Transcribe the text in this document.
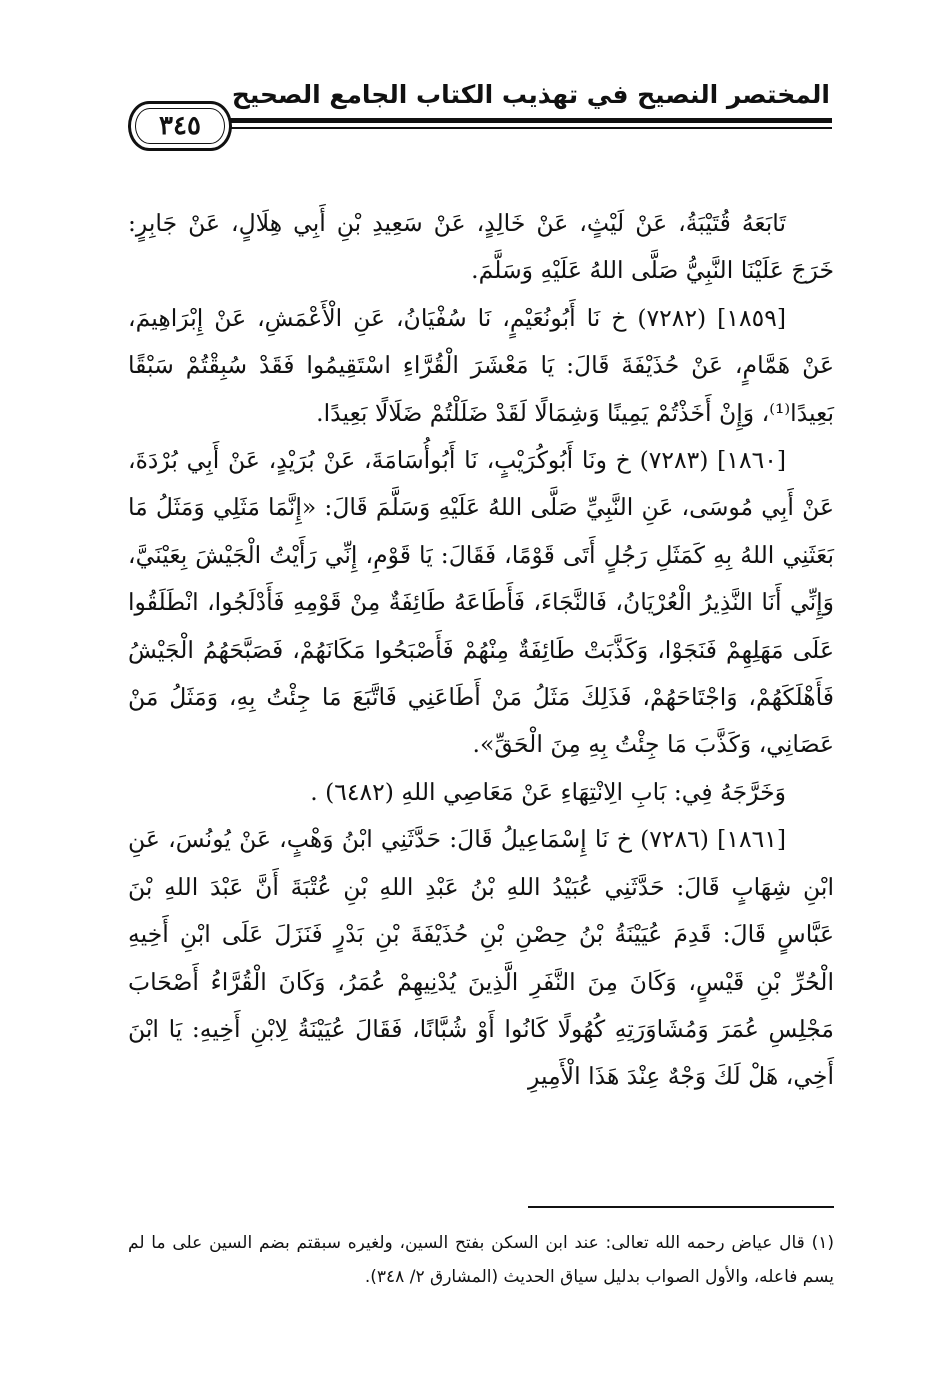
المختصر النصيح في تهذيب الكتاب الجامع الصحيح
٣٤٥

تَابَعَهُ قُتَيْبَةُ، عَنْ لَيْثٍ، عَنْ خَالِدٍ، عَنْ سَعِيدِ بْنِ أَبِي هِلَالٍ، عَنْ جَابِرٍ: خَرَجَ عَلَيْنَا النَّبِيُّ صَلَّى اللهُ عَلَيْهِ وَسَلَّمَ.

[١٨٥٩] (٧٢٨٢) خ نَا أَبُونُعَيْمٍ، نَا سُفْيَانُ، عَنِ الْأَعْمَشِ، عَنْ إِبْرَاهِيمَ، عَنْ هَمَّامٍ، عَنْ حُذَيْفَةَ قَالَ: يَا مَعْشَرَ الْقُرَّاءِ اسْتَقِيمُوا فَقَدْ سُبِقْتُمْ سَبْقًا بَعِيدًا⁽¹⁾، وَإِنْ أَخَذْتُمْ يَمِينًا وَشِمَالًا لَقَدْ ضَلَلْتُمْ ضَلَالًا بَعِيدًا.

[١٨٦٠] (٧٢٨٣) خ ونَا أَبُوكُرَيْبٍ، نَا أَبُوأُسَامَةَ، عَنْ بُرَيْدٍ، عَنْ أَبِي بُرْدَةَ، عَنْ أَبِي مُوسَى، عَنِ النَّبِيِّ صَلَّى اللهُ عَلَيْهِ وَسَلَّمَ قَالَ: «إِنَّمَا مَثَلِي وَمَثَلُ مَا بَعَثَنِي اللهُ بِهِ كَمَثَلِ رَجُلٍ أَتَى قَوْمًا، فَقَالَ: يَا قَوْمِ، إِنِّي رَأَيْتُ الْجَيْشَ بِعَيْنَيَّ، وَإِنِّي أَنَا النَّذِيرُ الْعُرْيَانُ، فَالنَّجَاءَ، فَأَطَاعَهُ طَائِفَةٌ مِنْ قَوْمِهِ فَأَدْلَجُوا، انْطَلَقُوا عَلَى مَهَلِهِمْ فَنَجَوْا، وَكَذَّبَتْ طَائِفَةٌ مِنْهُمْ فَأَصْبَحُوا مَكَانَهُمْ، فَصَبَّحَهُمُ الْجَيْشُ فَأَهْلَكَهُمْ، وَاجْتَاحَهُمْ، فَذَلِكَ مَثَلُ مَنْ أَطَاعَنِي فَاتَّبَعَ مَا جِئْتُ بِهِ، وَمَثَلُ مَنْ عَصَانِي، وَكَذَّبَ مَا جِئْتُ بِهِ مِنَ الْحَقِّ».

وَخَرَّجَهُ فِي: بَابِ الِانْتِهَاءِ عَنْ مَعَاصِي اللهِ (٦٤٨٢) .

[١٨٦١] (٧٢٨٦) خ نَا إِسْمَاعِيلُ قَالَ: حَدَّثَنِي ابْنُ وَهْبٍ، عَنْ يُونُسَ، عَنِ ابْنِ شِهَابٍ قَالَ: حَدَّثَنِي عُبَيْدُ اللهِ بْنُ عَبْدِ اللهِ بْنِ عُتْبَةَ أَنَّ عَبْدَ اللهِ بْنَ عَبَّاسٍ قَالَ: قَدِمَ عُيَيْنَةُ بْنُ حِصْنِ بْنِ حُذَيْفَةَ بْنِ بَدْرٍ فَنَزَلَ عَلَى ابْنِ أَخِيهِ الْحُرِّ بْنِ قَيْسٍ، وَكَانَ مِنَ النَّفَرِ الَّذِينَ يُدْنِيهِمْ عُمَرُ، وَكَانَ الْقُرَّاءُ أَصْحَابَ مَجْلِسِ عُمَرَ وَمُشَاوَرَتِهِ كُهُولًا كَانُوا أَوْ شُبَّانًا، فَقَالَ عُيَيْنَةُ لِابْنِ أَخِيهِ: يَا ابْنَ أَخِي، هَلْ لَكَ وَجْهٌ عِنْدَ هَذَا الْأَمِيرِ

(١) قال عياض رحمه الله تعالى: عند ابن السكن بفتح السين، ولغيره سبقتم بضم السين على ما لم يسم فاعله، والأول الصواب بدليل سياق الحديث (المشارق ٢/ ٣٤٨).
